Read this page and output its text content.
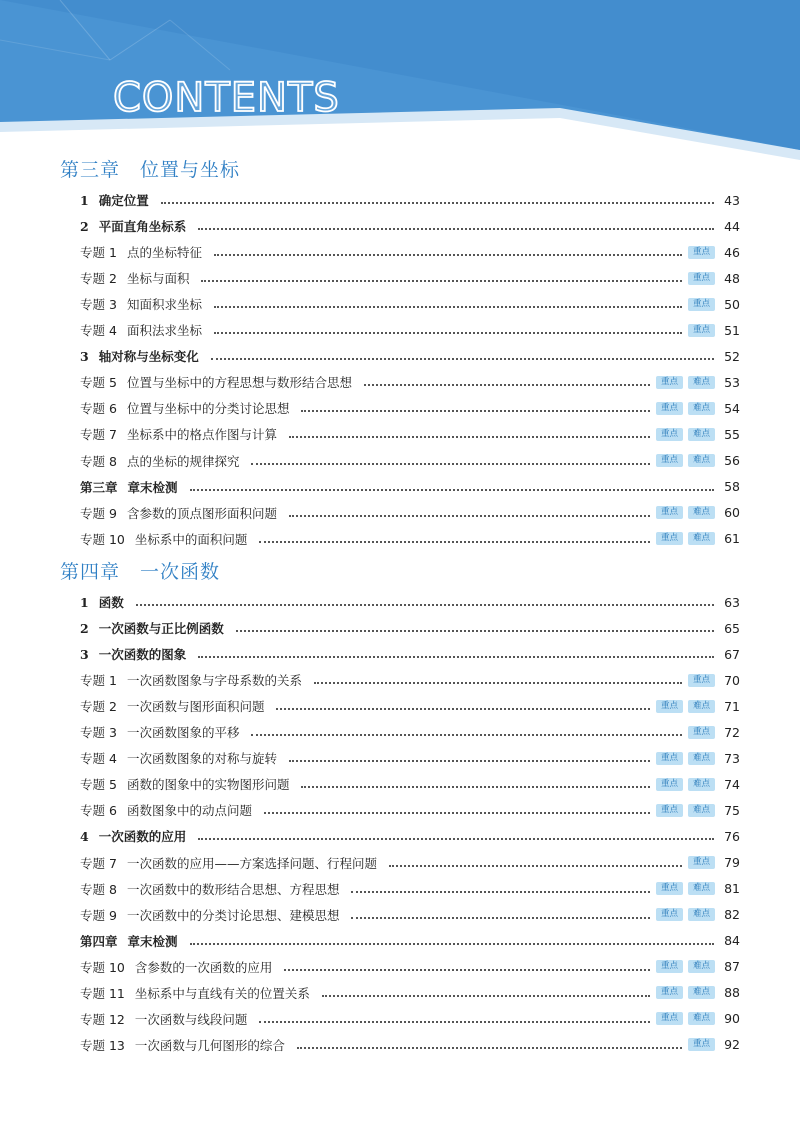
CONTENTS
第三章　位置与坐标
1 确定位置	43
2 平面直角坐标系	44
专题 1 点的坐标特征	重点	46
专题 2 坐标与面积	重点	48
专题 3 知面积求坐标	重点	50
专题 4 面积法求坐标	重点	51
3 轴对称与坐标变化	52
专题 5 位置与坐标中的方程思想与数形结合思想	重点	难点	53
专题 6 位置与坐标中的分类讨论思想	重点	难点	54
专题 7 坐标系中的格点作图与计算	重点	难点	55
专题 8 点的坐标的规律探究	重点	难点	56
第三章 章末检测	58
专题 9 含参数的顶点图形面积问题	重点	难点	60
专题 10 坐标系中的面积问题	重点	难点	61
第四章　一次函数
1 函数	63
2 一次函数与正比例函数	65
3 一次函数的图象	67
专题 1 一次函数图象与字母系数的关系	重点	70
专题 2 一次函数与图形面积问题	重点	难点	71
专题 3 一次函数图象的平移	重点	72
专题 4 一次函数图象的对称与旋转	重点	难点	73
专题 5 函数的图象中的实物图形问题	重点	难点	74
专题 6 函数图象中的动点问题	重点	难点	75
4 一次函数的应用	76
专题 7 一次函数的应用——方案选择问题、行程问题	重点	79
专题 8 一次函数中的数形结合思想、方程思想	重点	难点	81
专题 9 一次函数中的分类讨论思想、建模思想	重点	难点	82
第四章 章末检测	84
专题 10 含参数的一次函数的应用	重点	难点	87
专题 11 坐标系中与直线有关的位置关系	重点	难点	88
专题 12 一次函数与线段问题	重点	难点	90
专题 13 一次函数与几何图形的综合	重点	92
